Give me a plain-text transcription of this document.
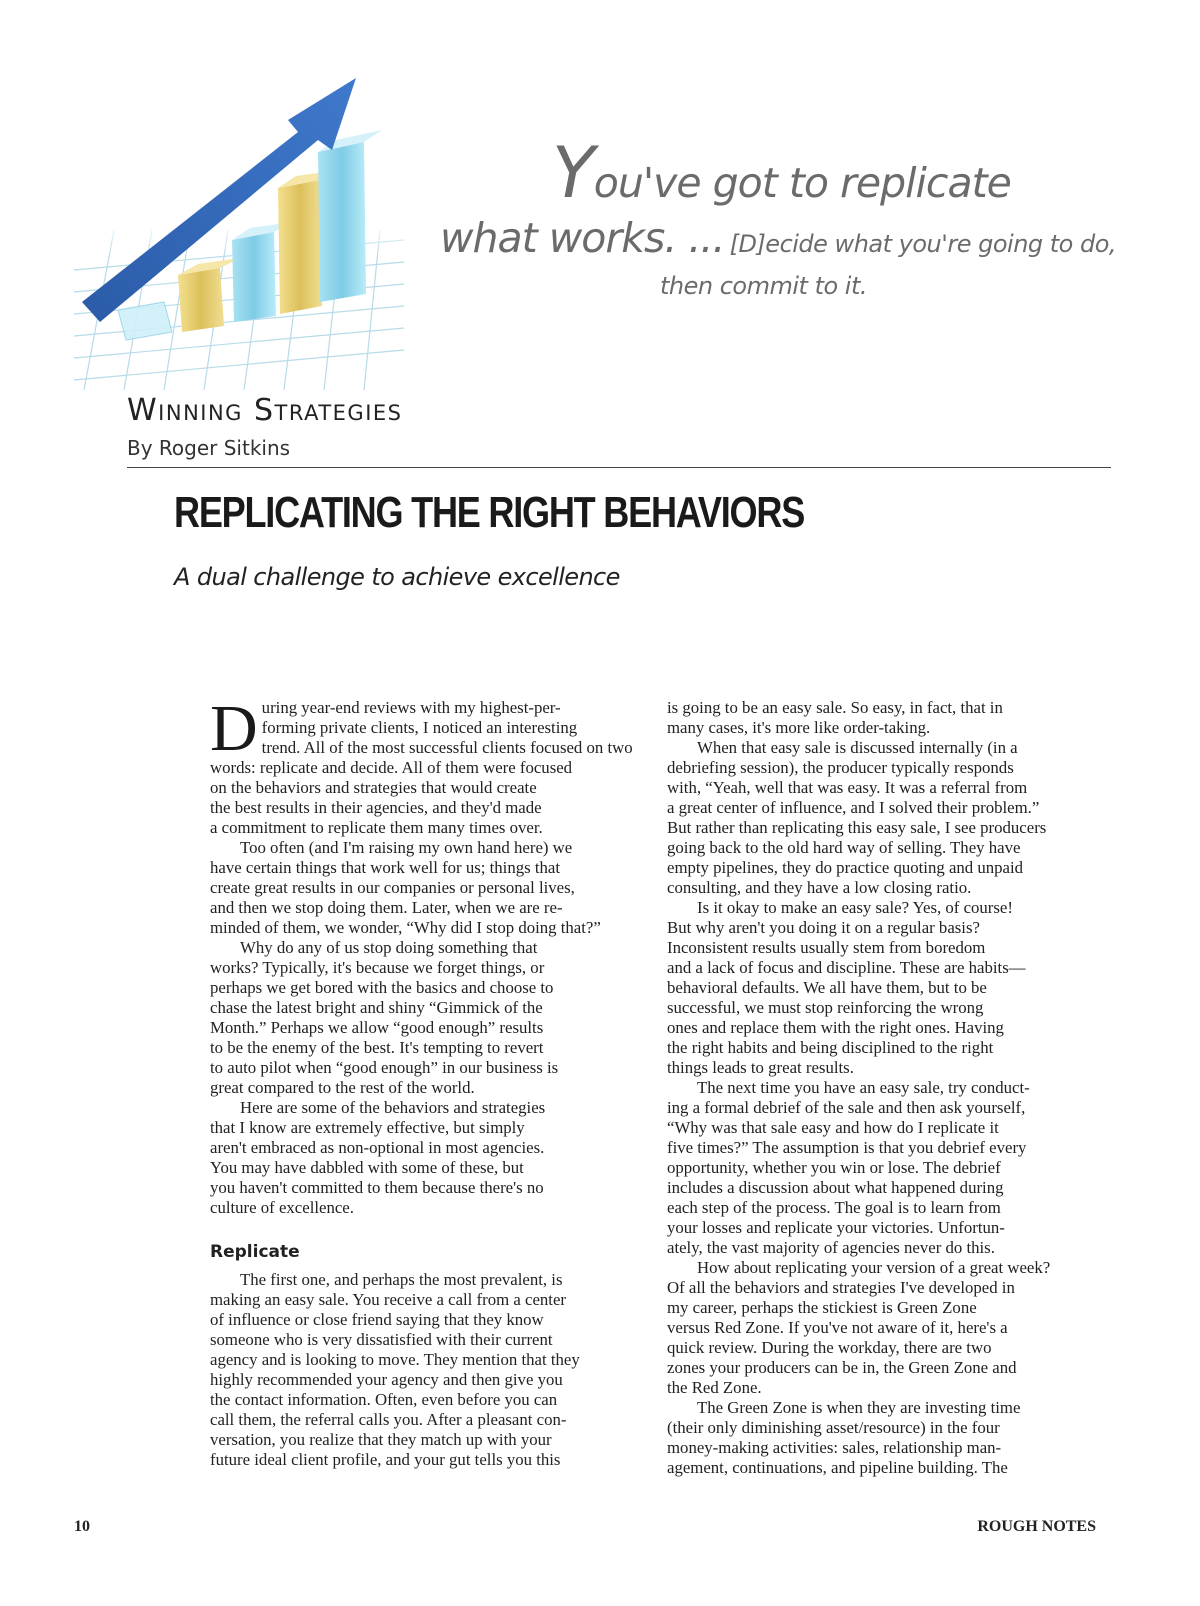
You've got to replicate
what works. ... [D]ecide what you're going to do,
then commit to it.
Winning Strategies
By Roger Sitkins
REPLICATING THE RIGHT BEHAVIORS
A dual challenge to achieve excellence
D uring year-end reviews with my highest-per-
forming private clients, I noticed an interesting
trend. All of the most successful clients focused on two
words: replicate and decide. All of them were focused
on the behaviors and strategies that would create
the best results in their agencies, and they'd made
a commitment to replicate them many times over.
Too often (and I'm raising my own hand here) we
have certain things that work well for us; things that
create great results in our companies or personal lives,
and then we stop doing them. Later, when we are re-
minded of them, we wonder, “Why did I stop doing that?”
Why do any of us stop doing something that
works? Typically, it's because we forget things, or
perhaps we get bored with the basics and choose to
chase the latest bright and shiny “Gimmick of the
Month.” Perhaps we allow “good enough” results
to be the enemy of the best. It's tempting to revert
to auto pilot when “good enough” in our business is
great compared to the rest of the world.
Here are some of the behaviors and strategies
that I know are extremely effective, but simply
aren't embraced as non-optional in most agencies.
You may have dabbled with some of these, but
you haven't committed to them because there's no
culture of excellence.
Replicate
The first one, and perhaps the most prevalent, is
making an easy sale. You receive a call from a center
of influence or close friend saying that they know
someone who is very dissatisfied with their current
agency and is looking to move. They mention that they
highly recommended your agency and then give you
the contact information. Often, even before you can
call them, the referral calls you. After a pleasant con-
versation, you realize that they match up with your
future ideal client profile, and your gut tells you this
is going to be an easy sale. So easy, in fact, that in
many cases, it's more like order-taking.
When that easy sale is discussed internally (in a
debriefing session), the producer typically responds
with, “Yeah, well that was easy. It was a referral from
a great center of influence, and I solved their problem.”
But rather than replicating this easy sale, I see producers
going back to the old hard way of selling. They have
empty pipelines, they do practice quoting and unpaid
consulting, and they have a low closing ratio.
Is it okay to make an easy sale? Yes, of course!
But why aren't you doing it on a regular basis?
Inconsistent results usually stem from boredom
and a lack of focus and discipline. These are habits—
behavioral defaults. We all have them, but to be
successful, we must stop reinforcing the wrong
ones and replace them with the right ones. Having
the right habits and being disciplined to the right
things leads to great results.
The next time you have an easy sale, try conduct-
ing a formal debrief of the sale and then ask yourself,
“Why was that sale easy and how do I replicate it
five times?” The assumption is that you debrief every
opportunity, whether you win or lose. The debrief
includes a discussion about what happened during
each step of the process. The goal is to learn from
your losses and replicate your victories. Unfortun-
ately, the vast majority of agencies never do this.
How about replicating your version of a great week?
Of all the behaviors and strategies I've developed in
my career, perhaps the stickiest is Green Zone
versus Red Zone. If you've not aware of it, here's a
quick review. During the workday, there are two
zones your producers can be in, the Green Zone and
the Red Zone.
The Green Zone is when they are investing time
(their only diminishing asset/resource) in the four
money-making activities: sales, relationship man-
agement, continuations, and pipeline building. The
10	ROUGH NOTES
